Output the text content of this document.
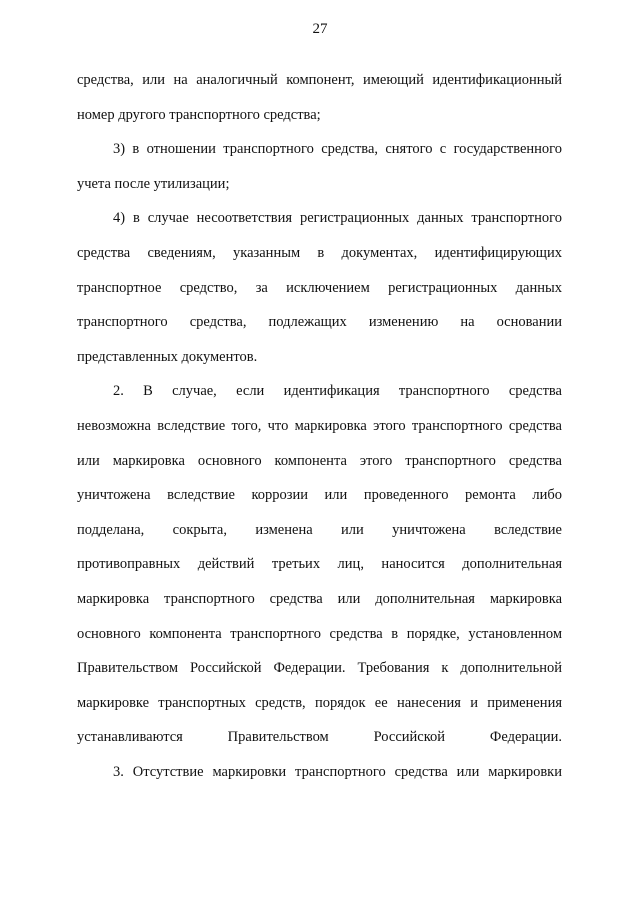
27
средства, или на аналогичный компонент, имеющий идентификационный
номер другого транспортного средства;
3) в отношении транспортного средства, снятого с государственного
учета после утилизации;
4) в случае несоответствия регистрационных данных транспортного
средства сведениям, указанным в документах, идентифицирующих
транспортное средство, за исключением регистрационных данных
транспортного средства, подлежащих изменению на основании
представленных документов.
2. В случае, если идентификация транспортного средства
невозможна вследствие того, что маркировка этого транспортного средства
или маркировка основного компонента этого транспортного средства
уничтожена вследствие коррозии или проведенного ремонта либо
подделана, сокрыта, изменена или уничтожена вследствие
противоправных действий третьих лиц, наносится дополнительная
маркировка транспортного средства или дополнительная маркировка
основного компонента транспортного средства в порядке, установленном
Правительством Российской Федерации. Требования к дополнительной
маркировке транспортных средств, порядок ее нанесения и применения
устанавливаются Правительством Российской Федерации.
3. Отсутствие маркировки транспортного средства или маркировки
